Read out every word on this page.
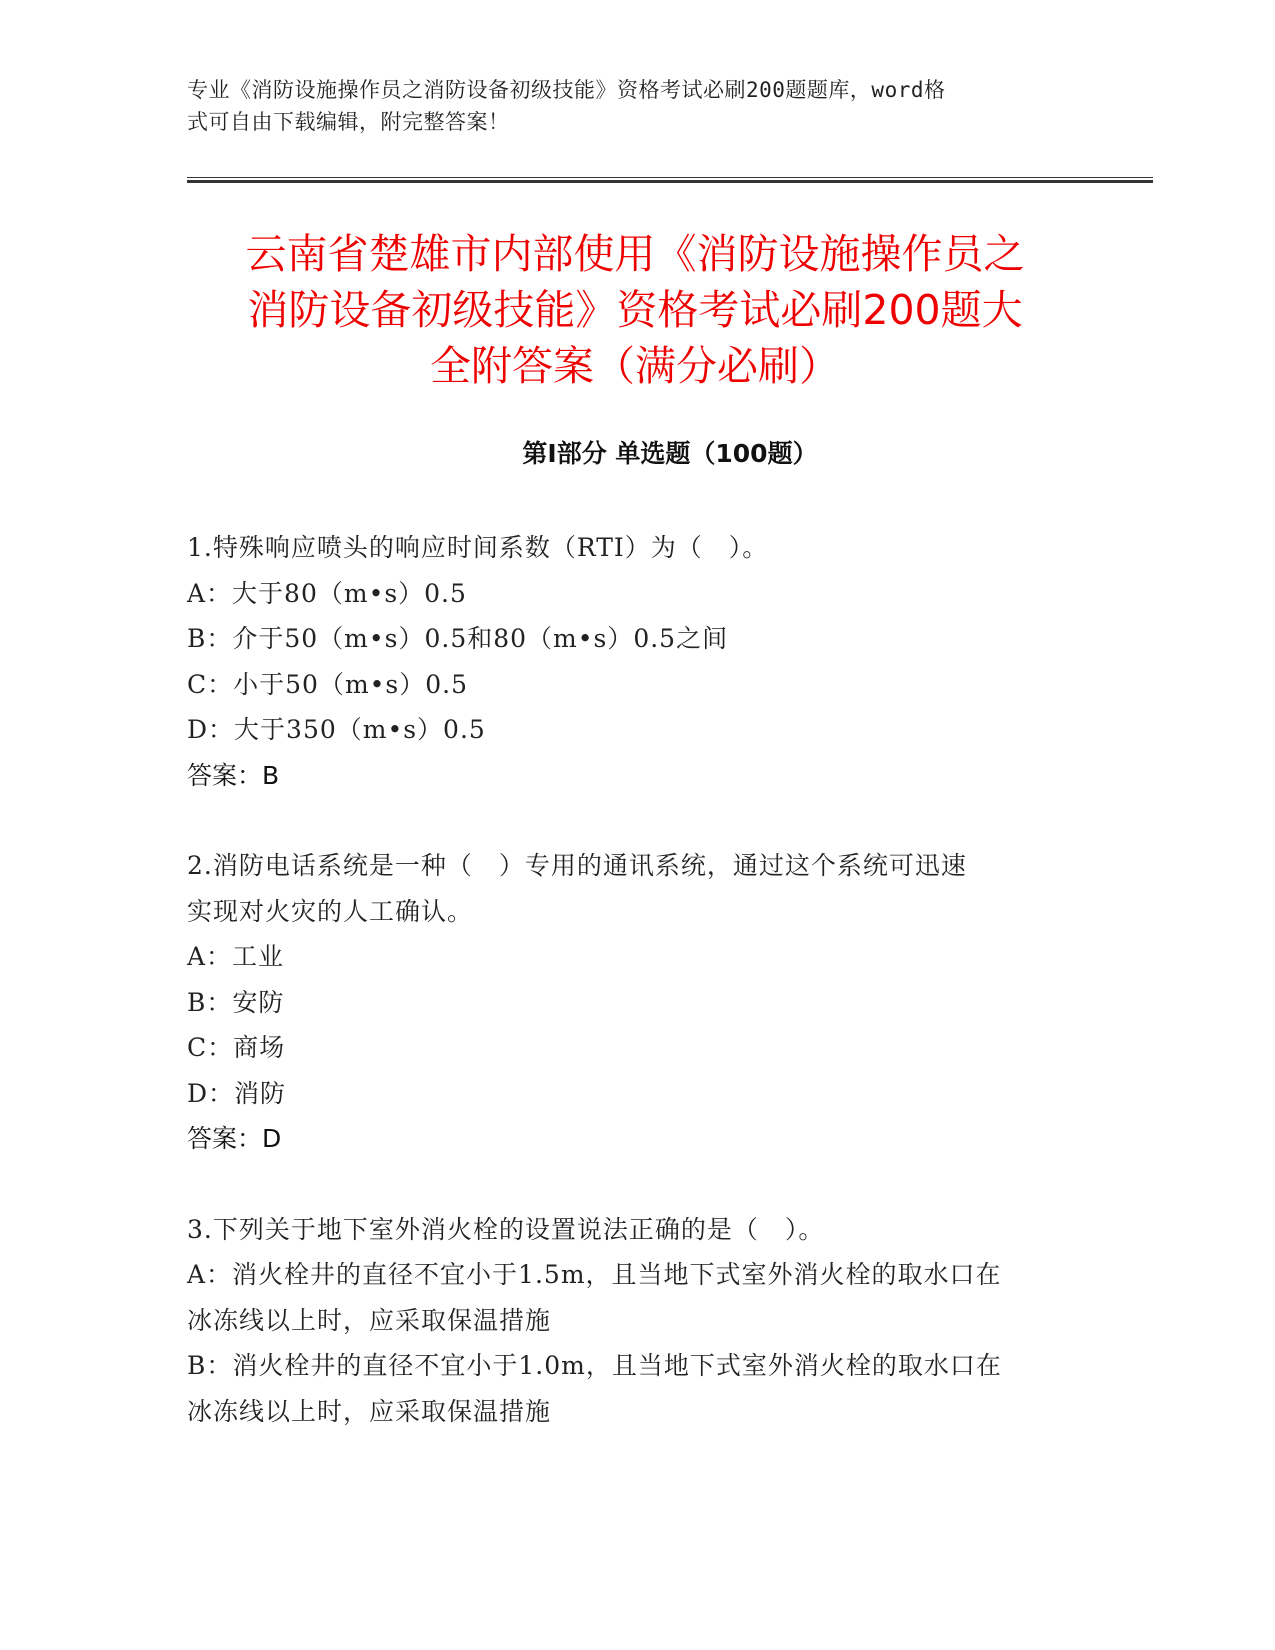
专业《消防设施操作员之消防设备初级技能》资格考试必刷200题题库，word格
式可自由下载编辑，附完整答案！
云南省楚雄市内部使用《消防设施操作员之
消防设备初级技能》资格考试必刷200题大
全附答案（满分必刷）
第Ⅰ部分 单选题（100题）
1.特殊响应喷头的响应时间系数（RTI）为（　）。
A：大于80（m•s）0.5
B：介于50（m•s）0.5和80（m•s）0.5之间
C：小于50（m•s）0.5
D：大于350（m•s）0.5
答案：B
2.消防电话系统是一种（　）专用的通讯系统，通过这个系统可迅速
实现对火灾的人工确认。
A：工业
B：安防
C：商场
D：消防
答案：D
3.下列关于地下室外消火栓的设置说法正确的是（　）。
A：消火栓井的直径不宜小于1.5m，且当地下式室外消火栓的取水口在
冰冻线以上时，应采取保温措施
B：消火栓井的直径不宜小于1.0m，且当地下式室外消火栓的取水口在
冰冻线以上时，应采取保温措施
